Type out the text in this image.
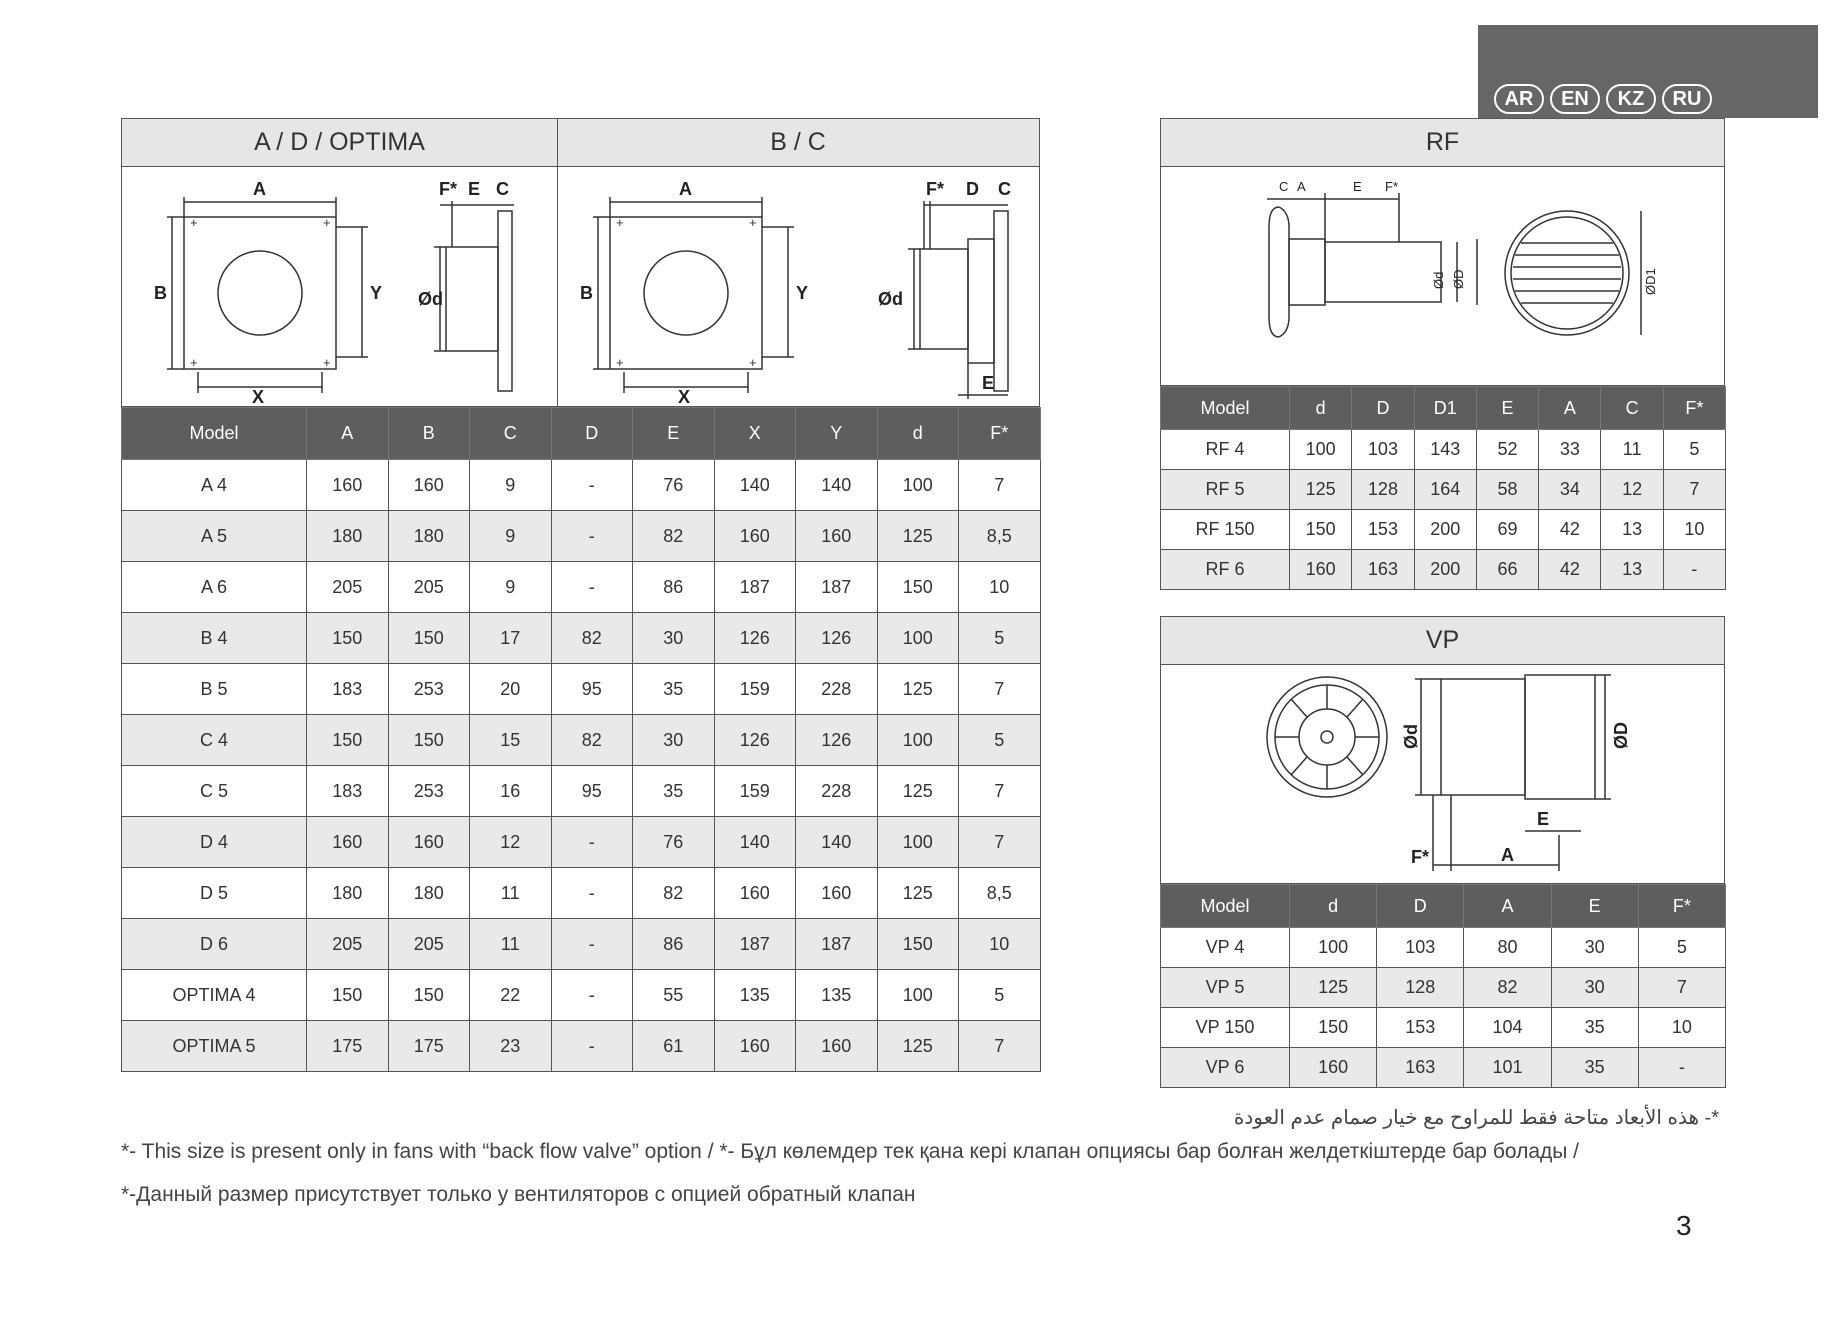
AR	EN	KZ	RU
A / D / OPTIMA	B / C
+	+
+	+
A
X
B	Y Ød
F* E C
+	+
+	+
A
X
B	Y	Ød
F* D C
E
Model	A	B	C	D	E	X	Y	d	F*
A 4	160	160	9	-	76	140	140	100	7
A 5	180	180	9	-	82	160	160	125	8,5
A 6	205	205	9	-	86	187	187	150	10
B 4	150	150	17	82	30	126	126	100	5
B 5	183	253	20	95	35	159	228	125	7
C 4	150	150	15	82	30	126	126	100	5
C 5	183	253	16	95	35	159	228	125	7
D 4	160	160	12	-	76	140	140	100	7
D 5	180	180	11	-	82	160	160	125	8,5
D 6	205	205	11	-	86	187	187	150	10
OPTIMA 4	150	150	22	-	55	135	135	100	5
OPTIMA 5	175	175	23	-	61	160	160	125	7
RF
C A	E F*
Ød ØD	ØD1
Model	d	D	D1	E	A	C	F*
RF 4	100	103	143	52	33	11	5
RF 5	125	128	164	58	34	12	7
RF 150	150	153	200	69	42	13	10
RF 6	160	163	200	66	42	13	-
VP
Ød	ØD
E
F*	A
Model	d	D	A	E	F*
VP 4	100	103	80	30	5
VP 5	125	128	82	30	7
VP 150	150	153	104	35	10
VP 6	160	163	101	35	-
*- هذه الأبعاد متاحة فقط للمراوح مع خيار صمام عدم العودة
*- This size is present only in fans with “back flow valve” option / *- Бұл көлемдер тек қана кері клапан опциясы бар болған желдеткіштерде бар болады /
*-Данный размер присутствует только у вентиляторов с опцией обратный клапан
3
